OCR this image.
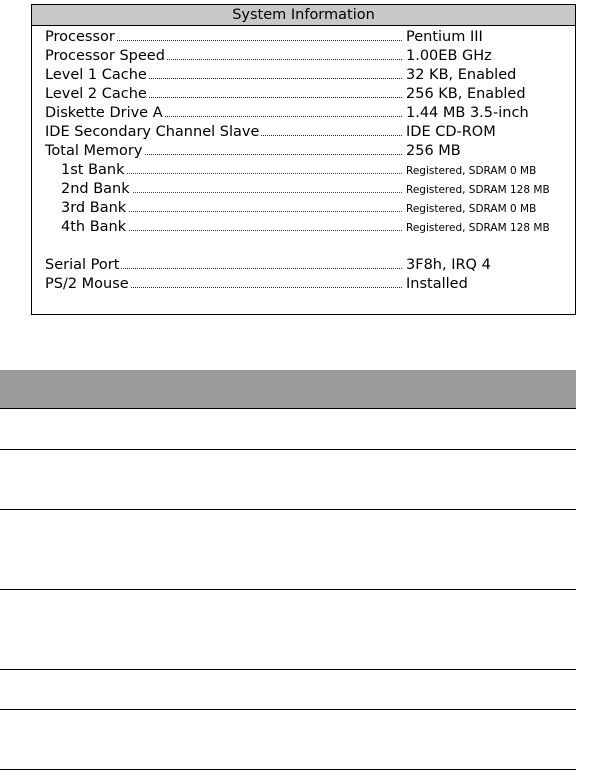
System Information
Processor	Pentium III
Processor Speed	1.00EB GHz
Level 1 Cache	32 KB, Enabled
Level 2 Cache	256 KB, Enabled
Diskette Drive A	1.44 MB 3.5-inch
IDE Secondary Channel Slave	IDE CD-ROM
Total Memory	256 MB
1st Bank	Registered, SDRAM 0 MB
2nd Bank	Registered, SDRAM 128 MB
3rd Bank	Registered, SDRAM 0 MB
4th Bank	Registered, SDRAM 128 MB
Serial Port	3F8h, IRQ 4
PS/2 Mouse	Installed
